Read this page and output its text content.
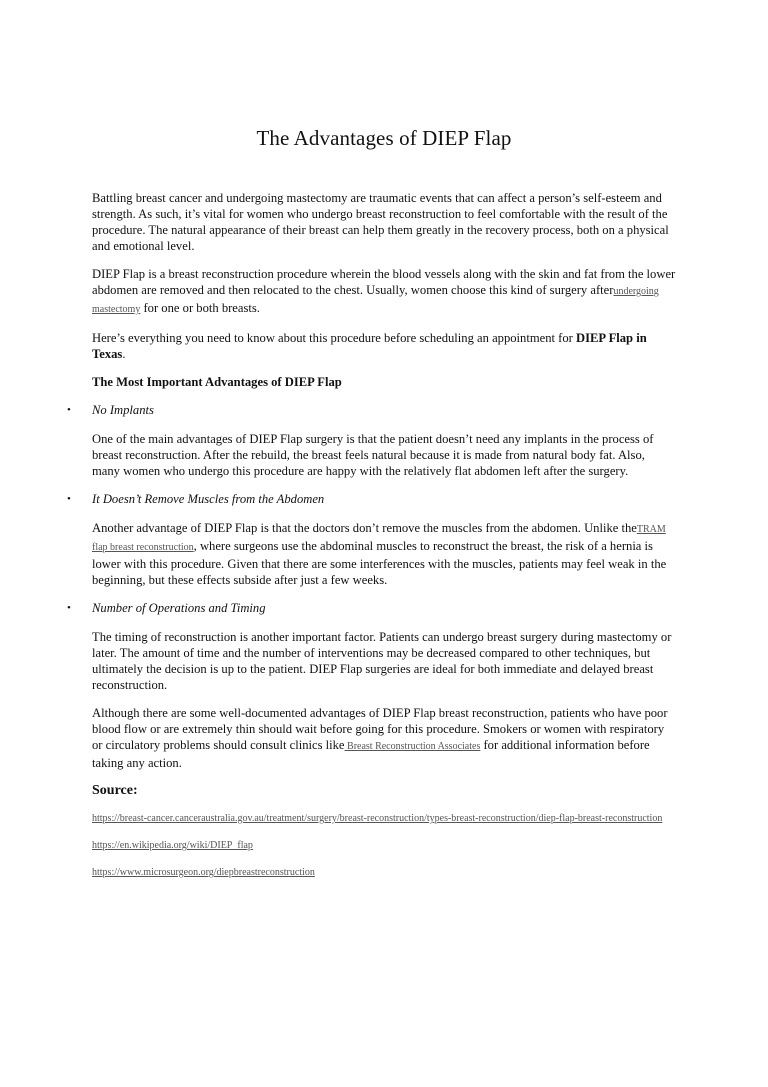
The Advantages of DIEP Flap

Battling breast cancer and undergoing mastectomy are traumatic events that can affect a person’s self-esteem and strength. As such, it’s vital for women who undergo breast reconstruction to feel comfortable with the result of the procedure. The natural appearance of their breast can help them greatly in the recovery process, both on a physical and emotional level.

DIEP Flap is a breast reconstruction procedure wherein the blood vessels along with the skin and fat from the lower abdomen are removed and then relocated to the chest. Usually, women choose this kind of surgery afterundergoing mastectomy for one or both breasts.

Here’s everything you need to know about this procedure before scheduling an appointment for DIEP Flap in Texas.

The Most Important Advantages of DIEP Flap

• No Implants

One of the main advantages of DIEP Flap surgery is that the patient doesn’t need any implants in the process of breast reconstruction. After the rebuild, the breast feels natural because it is made from natural body fat. Also, many women who undergo this procedure are happy with the relatively flat abdomen left after the surgery.

• It Doesn’t Remove Muscles from the Abdomen

Another advantage of DIEP Flap is that the doctors don’t remove the muscles from the abdomen. Unlike theTRAM flap breast reconstruction, where surgeons use the abdominal muscles to reconstruct the breast, the risk of a hernia is lower with this procedure. Given that there are some interferences with the muscles, patients may feel weak in the beginning, but these effects subside after just a few weeks.

• Number of Operations and Timing

The timing of reconstruction is another important factor. Patients can undergo breast surgery during mastectomy or later. The amount of time and the number of interventions may be decreased compared to other techniques, but ultimately the decision is up to the patient. DIEP Flap surgeries are ideal for both immediate and delayed breast reconstruction.

Although there are some well-documented advantages of DIEP Flap breast reconstruction, patients who have poor blood flow or are extremely thin should wait before going for this procedure. Smokers or women with respiratory or circulatory problems should consult clinics like Breast Reconstruction Associates for additional information before taking any action.

Source:

https://breast-cancer.canceraustralia.gov.au/treatment/surgery/breast-reconstruction/types-breast-reconstruction/diep-flap-breast-reconstruction

https://en.wikipedia.org/wiki/DIEP_flap

https://www.microsurgeon.org/diepbreastreconstruction
